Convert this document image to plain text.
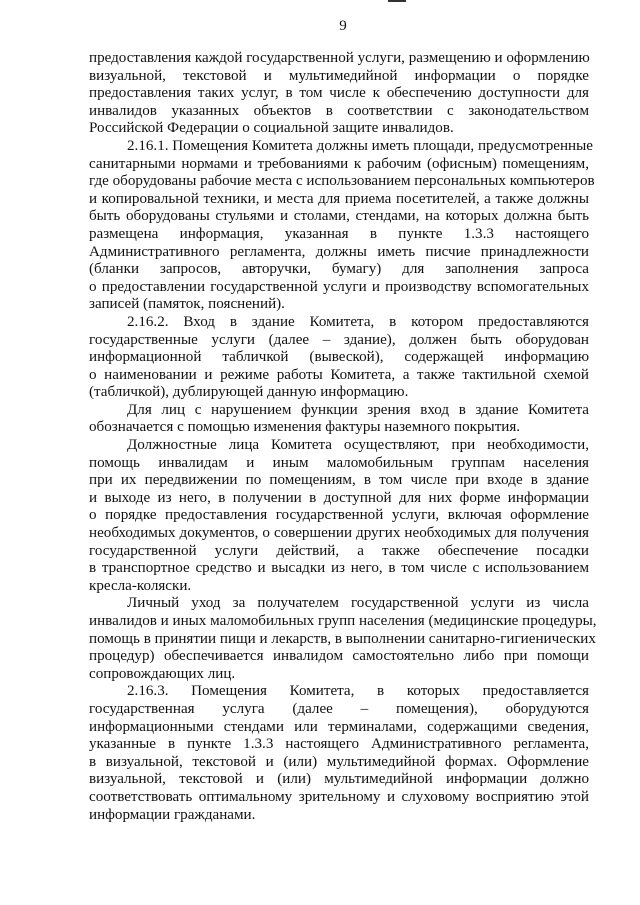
9
предоставления каждой государственной услуги, размещению и оформлению
визуальной, текстовой и мультимедийной информации о порядке
предоставления таких услуг, в том числе к обеспечению доступности для
инвалидов указанных объектов в соответствии с законодательством
Российской Федерации о социальной защите инвалидов.
2.16.1. Помещения Комитета должны иметь площади, предусмотренные
санитарными нормами и требованиями к рабочим (офисным) помещениям,
где оборудованы рабочие места с использованием персональных компьютеров
и копировальной техники, и места для приема посетителей, а также должны
быть оборудованы стульями и столами, стендами, на которых должна быть
размещена информация, указанная в пункте 1.3.3 настоящего
Административного регламента, должны иметь писчие принадлежности
(бланки запросов, авторучки, бумагу) для заполнения запроса
о предоставлении государственной услуги и производству вспомогательных
записей (памяток, пояснений).
2.16.2. Вход в здание Комитета, в котором предоставляются
государственные услуги (далее – здание), должен быть оборудован
информационной табличкой (вывеской), содержащей информацию
о наименовании и режиме работы Комитета, а также тактильной схемой
(табличкой), дублирующей данную информацию.
Для лиц с нарушением функции зрения вход в здание Комитета
обозначается с помощью изменения фактуры наземного покрытия.
Должностные лица Комитета осуществляют, при необходимости,
помощь инвалидам и иным маломобильным группам населения
при их передвижении по помещениям, в том числе при входе в здание
и выходе из него, в получении в доступной для них форме информации
о порядке предоставления государственной услуги, включая оформление
необходимых документов, о совершении других необходимых для получения
государственной услуги действий, а также обеспечение посадки
в транспортное средство и высадки из него, в том числе с использованием
кресла-коляски.
Личный уход за получателем государственной услуги из числа
инвалидов и иных маломобильных групп населения (медицинские процедуры,
помощь в принятии пищи и лекарств, в выполнении санитарно-гигиенических
процедур) обеспечивается инвалидом самостоятельно либо при помощи
сопровождающих лиц.
2.16.3. Помещения Комитета, в которых предоставляется
государственная услуга (далее – помещения), оборудуются
информационными стендами или терминалами, содержащими сведения,
указанные в пункте 1.3.3 настоящего Административного регламента,
в визуальной, текстовой и (или) мультимедийной формах. Оформление
визуальной, текстовой и (или) мультимедийной информации должно
соответствовать оптимальному зрительному и слуховому восприятию этой
информации гражданами.
